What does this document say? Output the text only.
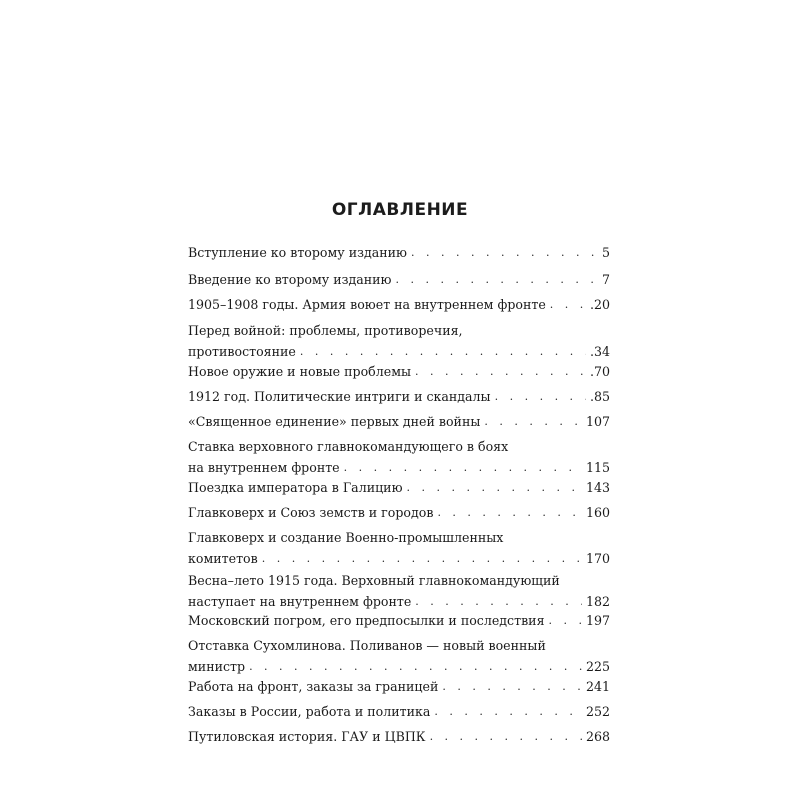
ОГЛАВЛЕНИЕ
Вступление ко второму изданию . . .	5
Введение ко второму изданию . . .	7
1905–1908 годы. Армия воюет на внутреннем фронте . . .	.20
Перед войной: проблемы, противоречия,
противостояние . . .	.34
Новое оружие и новые проблемы . . .	.70
1912 год. Политические интриги и скандалы . . .	.85
«Священное единение» первых дней войны . . .	107
Ставка верховного главнокомандующего в боях
на внутреннем фронте . . .	115
Поездка императора в Галицию . . .	143
Главковерх и Союз земств и городов . . .	160
Главковерх и создание Военно-промышленных
комитетов . . .	170
Весна–лето 1915 года. Верховный главнокомандующий
наступает на внутреннем фронте . . .	182
Московский погром, его предпосылки и последствия . . .	197
Отставка Сухомлинова. Поливанов — новый военный
министр . . .	225
Работа на фронт, заказы за границей . . .	241
Заказы в России, работа и политика . . .	252
Путиловская история. ГАУ и ЦВПК . . .	268
